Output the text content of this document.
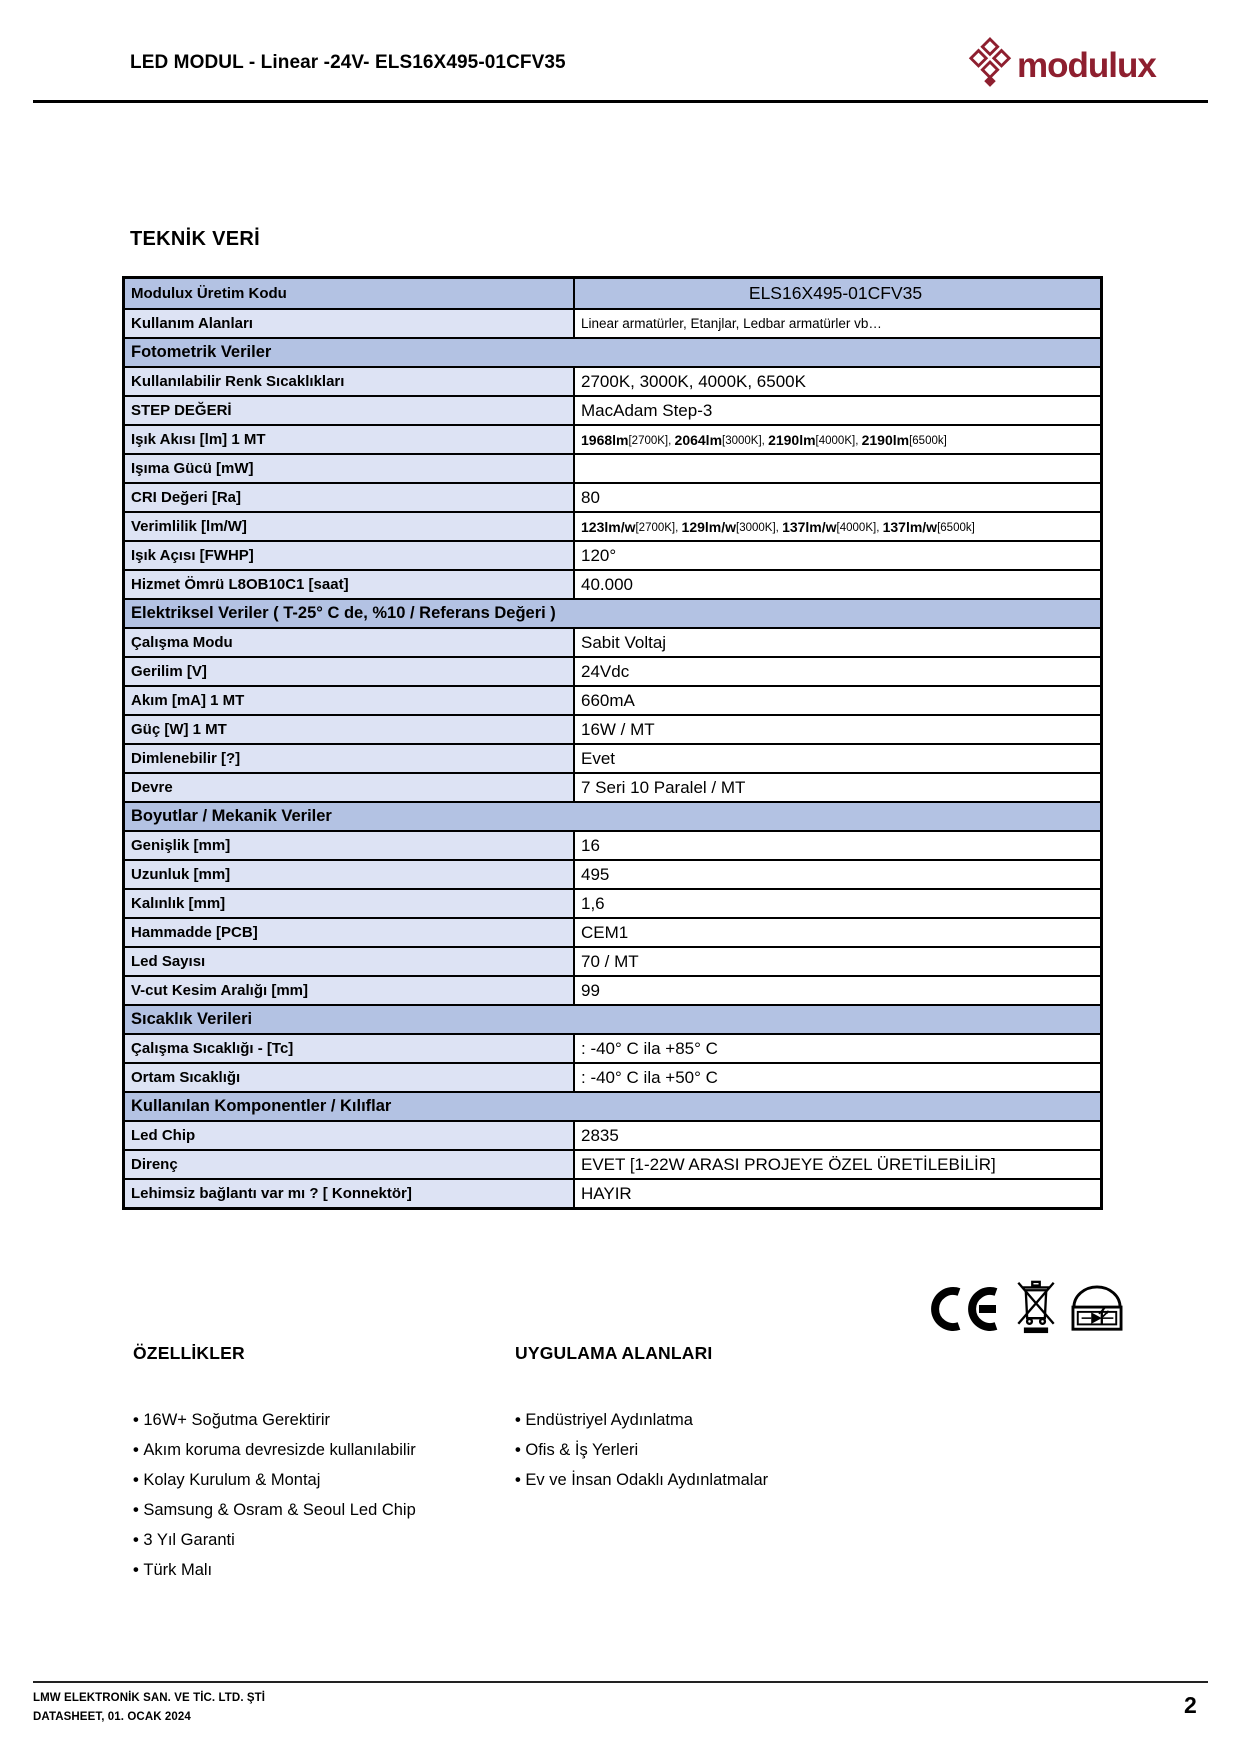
LED MODUL - Linear -24V- ELS16X495-01CFV35	modulux
TEKNİK VERİ
Modulux Üretim Kodu	ELS16X495-01CFV35
Kullanım Alanları	Linear armatürler, Etanjlar, Ledbar armatürler vb…
Fotometrik Veriler
Kullanılabilir Renk Sıcaklıkları	2700K, 3000K, 4000K, 6500K
STEP DEĞERİ	MacAdam Step-3
Işık Akısı [lm] 1 MT	1968lm [2700K], 2064lm [3000K], 2190lm [4000K], 2190lm [6500k]
Işıma Gücü [mW]
CRI Değeri [Ra]	80
Verimlilik [lm/W]	123lm/w [2700K], 129lm/w [3000K], 137lm/w [4000K], 137lm/w [6500k]
Işık Açısı [FWHP]	120°
Hizmet Ömrü L8OB10C1 [saat]	40.000
Elektriksel Veriler ( T-25° C de, %10 / Referans Değeri )
Çalışma Modu	Sabit Voltaj
Gerilim [V]	24Vdc
Akım [mA] 1 MT	660mA
Güç [W] 1 MT	16W / MT
Dimlenebilir [?]	Evet
Devre	7 Seri 10 Paralel / MT
Boyutlar / Mekanik Veriler
Genişlik [mm]	16
Uzunluk [mm]	495
Kalınlık [mm]	1,6
Hammadde [PCB]	CEM1
Led Sayısı	70 / MT
V-cut Kesim Aralığı [mm]	99
Sıcaklık Verileri
Çalışma Sıcaklığı - [Tc]	: -40° C ila +85° C
Ortam Sıcaklığı	: -40° C ila +50° C
Kullanılan Komponentler / Kılıflar
Led Chip	2835
Direnç	EVET [1-22W ARASI PROJEYE ÖZEL ÜRETİLEBİLİR]
Lehimsiz bağlantı var mı ? [ Konnektör]	HAYIR
ÖZELLİKLER
• 16W+ Soğutma Gerektirir
• Akım koruma devresizde kullanılabilir
• Kolay Kurulum & Montaj
• Samsung & Osram & Seoul Led Chip
• 3 Yıl Garanti
• Türk Malı
UYGULAMA ALANLARI
• Endüstriyel Aydınlatma
• Ofis & İş Yerleri
• Ev ve İnsan Odaklı Aydınlatmalar
LMW ELEKTRONİK SAN. VE TİC. LTD. ŞTİ
DATASHEET, 01. OCAK 2024	2
